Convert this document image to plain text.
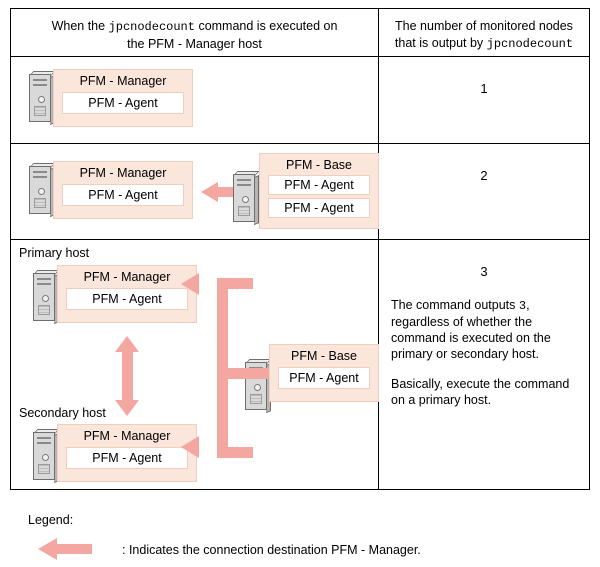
When the jpcnodecount command is executed on
the PFM - Manager host
The number of monitored nodes
that is output by jpcnodecount
PFM - Manager
PFM - Agent
1
PFM - Manager
PFM - Agent
PFM - Base
PFM - Agent
PFM - Agent
2
Primary host
PFM - Manager
PFM - Agent
Secondary host
PFM - Manager
PFM - Agent
PFM - Base
PFM - Agent
3

The command outputs 3, regardless of whether the command is executed on the primary or secondary host.

Basically, execute the command on a primary host.

Legend:
: Indicates the connection destination PFM - Manager.
